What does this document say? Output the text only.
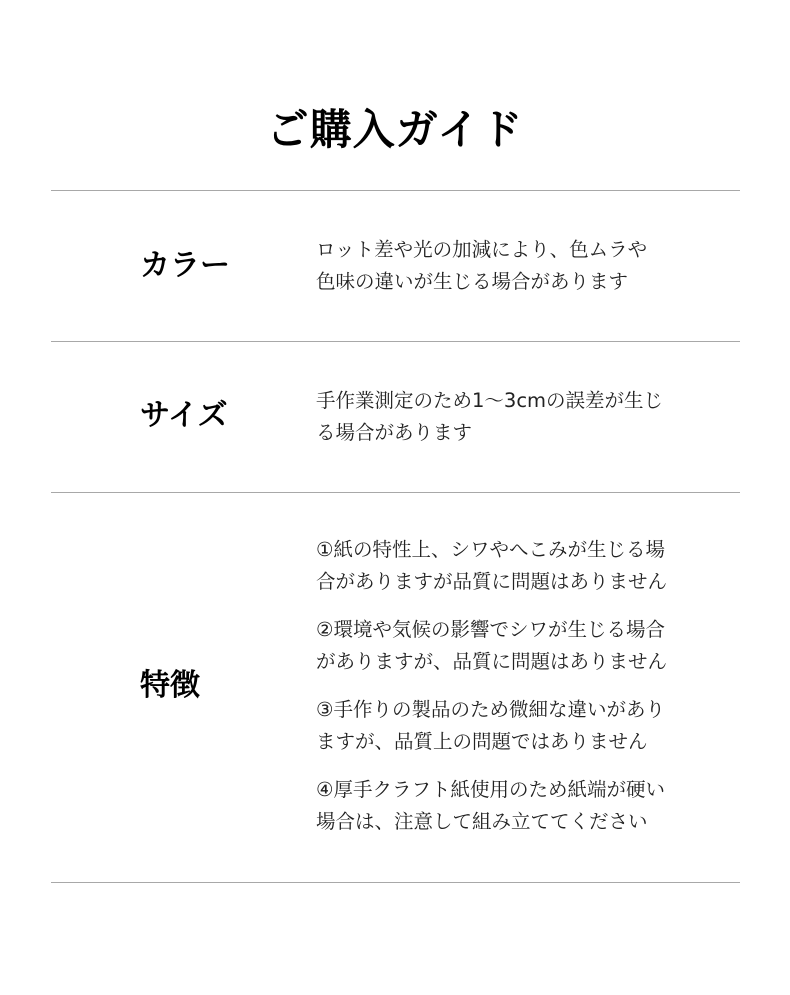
ご購入ガイド
カラー	ロット差や光の加減により、色ムラや
色味の違いが生じる場合があります

サイズ	手作業測定のため1〜3cmの誤差が生じ
る場合があります

特徴
①紙の特性上、シワやへこみが生じる場
合がありますが品質に問題はありません
②環境や気候の影響でシワが生じる場合
がありますが、品質に問題はありません
③手作りの製品のため微細な違いがあり
ますが、品質上の問題ではありません
④厚手クラフト紙使用のため紙端が硬い
場合は、注意して組み立ててください
